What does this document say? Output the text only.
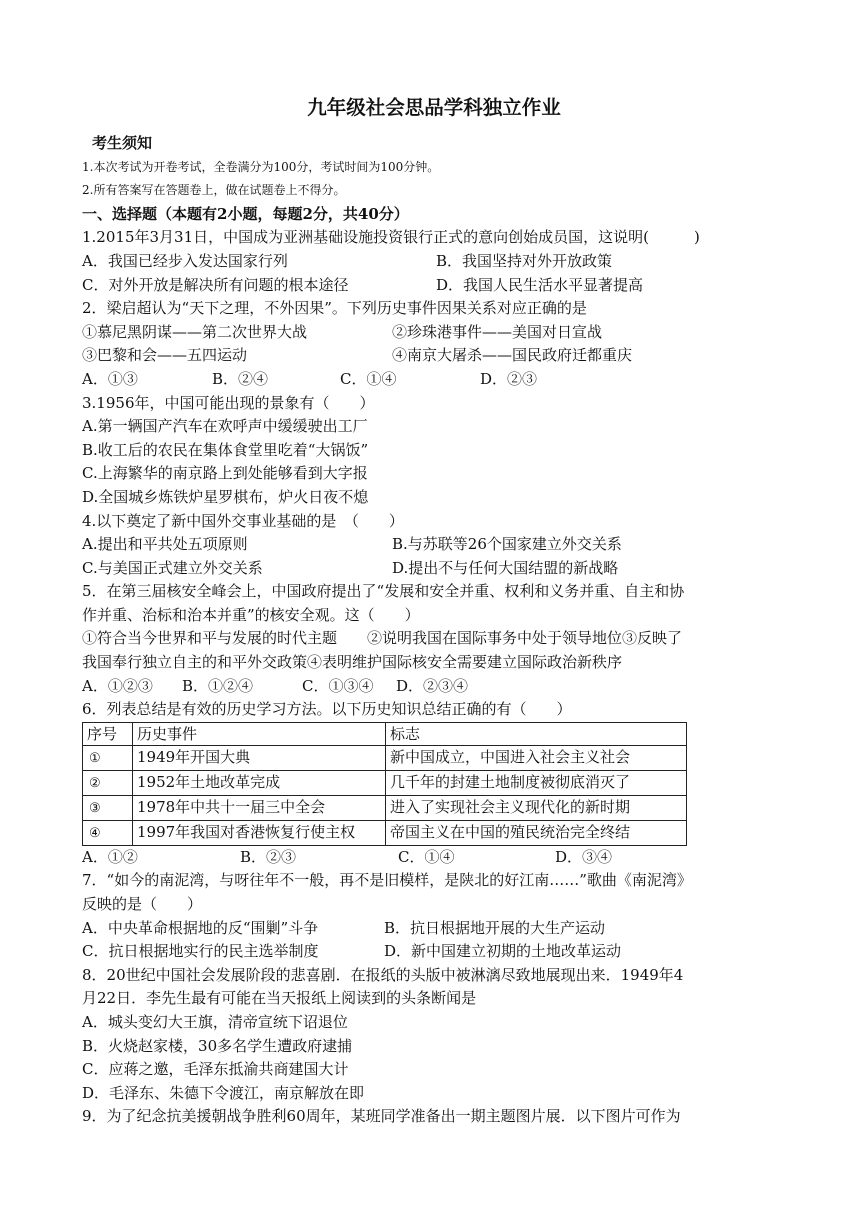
九年级社会思品学科独立作业
考生须知
1.本次考试为开卷考试，全卷满分为100分，考试时间为100分钟。
2.所有答案写在答题卷上，做在试题卷上不得分。
一、选择题（本题有2小题，每题2分，共40分）
1.2015年3月31日，中国成为亚洲基础设施投资银行正式的意向创始成员国，这说明(　　　)
A．我国已经步入发达国家行列	B．我国坚持对外开放政策
C．对外开放是解决所有问题的根本途径	D．我国人民生活水平显著提高
2．梁启超认为“天下之理，不外因果”。下列历史事件因果关系对应正确的是
①慕尼黑阴谋——第二次世界大战	②珍珠港事件——美国对日宣战
③巴黎和会——五四运动	④南京大屠杀——国民政府迁都重庆
A．①③	B．②④	C．①④	D．②③
3.1956年，中国可能出现的景象有（　　）
A.第一辆国产汽车在欢呼声中缓缓驶出工厂
B.收工后的农民在集体食堂里吃着“大锅饭”
C.上海繁华的南京路上到处能够看到大字报
D.全国城乡炼铁炉星罗棋布，炉火日夜不熄
4.以下奠定了新中国外交事业基础的是　（　　）
A.提出和平共处五项原则	B.与苏联等26个国家建立外交关系
C.与美国正式建立外交关系	D.提出不与任何大国结盟的新战略
5．在第三届核安全峰会上，中国政府提出了“发展和安全并重、权利和义务并重、自主和协
作并重、治标和治本并重”的核安全观。这（　　）
①符合当今世界和平与发展的时代主题　　②说明我国在国际事务中处于领导地位③反映了
我国奉行独立自主的和平外交政策④表明维护国际核安全需要建立国际政治新秩序
A．①②③	B．①②④	C．①③④	D．②③④
6．列表总结是有效的历史学习方法。以下历史知识总结正确的有（　　）
序号	历史事件	标志
①	1949年开国大典	新中国成立，中国进入社会主义社会
②	1952年土地改革完成	几千年的封建土地制度被彻底消灭了
③	1978年中共十一届三中全会	进入了实现社会主义现代化的新时期
④	1997年我国对香港恢复行使主权	帝国主义在中国的殖民统治完全终结
A．①②	B．②③	C．①④	D．③④
7．“如今的南泥湾，与呀往年不一般，再不是旧模样，是陕北的好江南……”歌曲《南泥湾》
反映的是（　　）
A．中央革命根据地的反“围剿”斗争	B．抗日根据地开展的大生产运动
C．抗日根据地实行的民主选举制度	D．新中国建立初期的土地改革运动
8．20世纪中国社会发展阶段的悲喜剧．在报纸的头版中被淋漓尽致地展现出来．1949年4
月22日．李先生最有可能在当天报纸上阅读到的头条断闻是
A．城头变幻大王旗，清帝宣统下诏退位
B．火烧赵家楼，30多名学生遭政府逮捕
C．应蒋之邀，毛泽东抵渝共商建国大计
D．毛泽东、朱德下令渡江，南京解放在即
9．为了纪念抗美援朝战争胜利60周年，某班同学准备出一期主题图片展．以下图片可作为
